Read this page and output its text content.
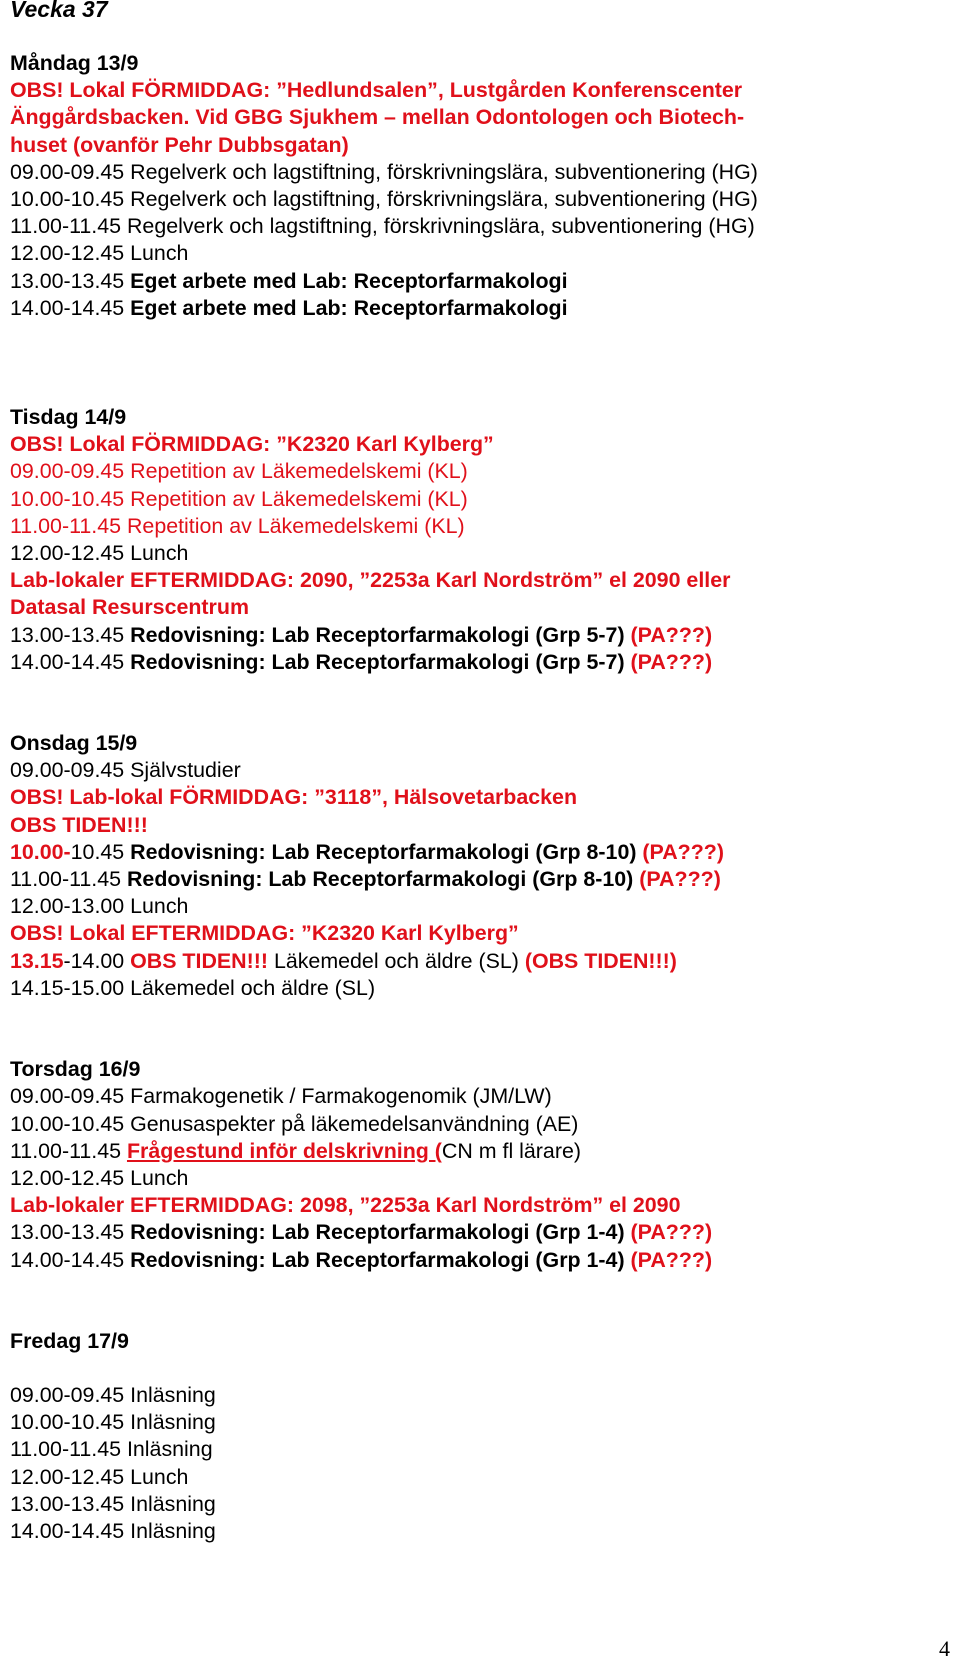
Vecka 37
Måndag 13/9
OBS! Lokal FÖRMIDDAG: ”Hedlundsalen”, Lustgården Konferenscenter
Änggårdsbacken. Vid GBG Sjukhem – mellan Odontologen och Biotech-
huset (ovanför Pehr Dubbsgatan)
09.00-09.45 Regelverk och lagstiftning, förskrivningslära, subventionering (HG)
10.00-10.45 Regelverk och lagstiftning, förskrivningslära, subventionering (HG)
11.00-11.45 Regelverk och lagstiftning, förskrivningslära, subventionering (HG)
12.00-12.45 Lunch
13.00-13.45 Eget arbete med Lab: Receptorfarmakologi
14.00-14.45 Eget arbete med Lab: Receptorfarmakologi
Tisdag 14/9
OBS! Lokal FÖRMIDDAG: ”K2320 Karl Kylberg”
09.00-09.45 Repetition av Läkemedelskemi (KL)
10.00-10.45 Repetition av Läkemedelskemi (KL)
11.00-11.45 Repetition av Läkemedelskemi (KL)
12.00-12.45 Lunch
Lab-lokaler EFTERMIDDAG: 2090, ”2253a Karl Nordström” el 2090 eller
Datasal Resurscentrum
13.00-13.45 Redovisning: Lab Receptorfarmakologi (Grp 5-7) (PA???)
14.00-14.45 Redovisning: Lab Receptorfarmakologi (Grp 5-7) (PA???)
Onsdag 15/9
09.00-09.45 Självstudier
OBS! Lab-lokal FÖRMIDDAG: ”3118”, Hälsovetarbacken
OBS TIDEN!!!
10.00-10.45 Redovisning: Lab Receptorfarmakologi (Grp 8-10) (PA???)
11.00-11.45 Redovisning: Lab Receptorfarmakologi (Grp 8-10) (PA???)
12.00-13.00 Lunch
OBS! Lokal EFTERMIDDAG: ”K2320 Karl Kylberg”
13.15-14.00 OBS TIDEN!!! Läkemedel och äldre (SL) (OBS TIDEN!!!)
14.15-15.00 Läkemedel och äldre (SL)
Torsdag 16/9
09.00-09.45 Farmakogenetik / Farmakogenomik (JM/LW)
10.00-10.45 Genusaspekter på läkemedelsanvändning (AE)
11.00-11.45 Frågestund inför delskrivning (CN m fl lärare)
12.00-12.45 Lunch
Lab-lokaler EFTERMIDDAG: 2098, ”2253a Karl Nordström” el 2090
13.00-13.45 Redovisning: Lab Receptorfarmakologi (Grp 1-4) (PA???)
14.00-14.45 Redovisning: Lab Receptorfarmakologi (Grp 1-4) (PA???)
Fredag 17/9
09.00-09.45 Inläsning
10.00-10.45 Inläsning
11.00-11.45 Inläsning
12.00-12.45 Lunch
13.00-13.45 Inläsning
14.00-14.45 Inläsning
4
